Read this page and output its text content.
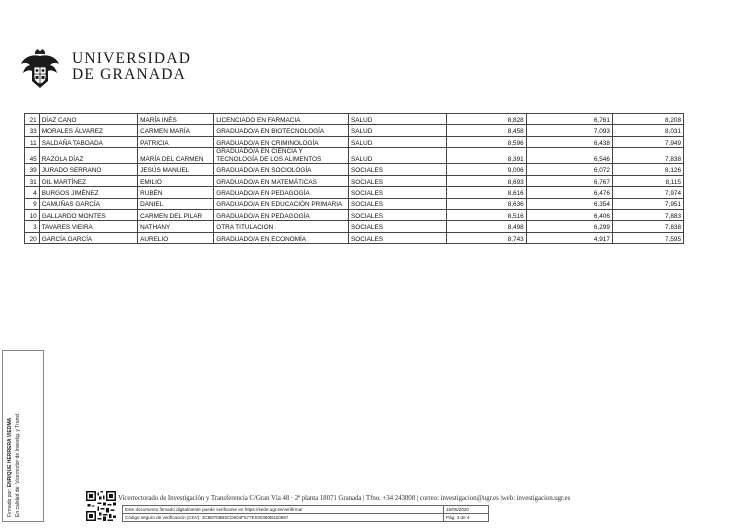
UNIVERSIDAD
DE GRANADA
21	DÍAZ CANO	MARÍA INÉS	LICENCIADO EN FARMACIA	SALUD	8,828	6,761	8,208
33	MORALES ÁLVAREZ	CARMEN MARÍA	GRADUADO/A EN BIOTECNOLOGÍA	SALUD	8,458	7,093	8,031
11	SALDAÑA TABOADA	PATRICIA	GRADUADO/A EN CRIMINOLOGÍA	SALUD	8,596	6,438	7,949
45	RAZOLA DÍAZ	MARÍA DEL CARMEN	GRADUADO/A EN CIENCIA Y TECNOLOGÍA DE LOS ALIMENTOS	SALUD	8,391	6,546	7,838
39	JURADO SERRANO	JESÚS MANUEL	GRADUADO/A EN SOCIOLOGÍA	SOCIALES	9,006	6,072	8,126
31	GIL MARTÍNEZ	EMILIO	GRADUADO/A EN MATEMÁTICAS	SOCIALES	8,693	6,767	8,115
4	BURGOS JIMÉNEZ	RUBÉN	GRADUADO/A EN PEDAGOGÍA	SOCIALES	8,616	6,476	7,974
9	CAMUÑAS GARCÍA	DANIEL	GRADUADO/A EN EDUCACIÓN PRIMARIA	SOCIALES	8,636	6,354	7,951
10	GALLARDO MONTES	CARMEN DEL PILAR	GRADUADO/A EN PEDAGOGÍA	SOCIALES	8,516	6,406	7,883
3	TAVARES VIEIRA	NATHANY	OTRA TITULACION	SOCIALES	8,498	6,299	7,838
20	GARCÍA GARCÍA	AURELIO	GRADUADO/A EN ECONOMÍA	SOCIALES	8,743	4,917	7,595
Firmado por: ENRIQUE HERRERA VIEDMA En calidad de: Vicerrector de Investig. y Transf.	Vicerrectorado de Investigación y Transferencia C/Gran Vía 48 · 2ª planta 18071 Granada | Tfno. +34 243008 | correo: investigacion@ugr.es |web: investigacion.ugr.es
Este documento firmado digitalmente puede verificarse en https://sede.ugr.es/verifirma/	15/05/2020
Código seguro de verificación (CSV): 3C5EF58B5CD604F577E030460B420967	Pág. 4 de 4
